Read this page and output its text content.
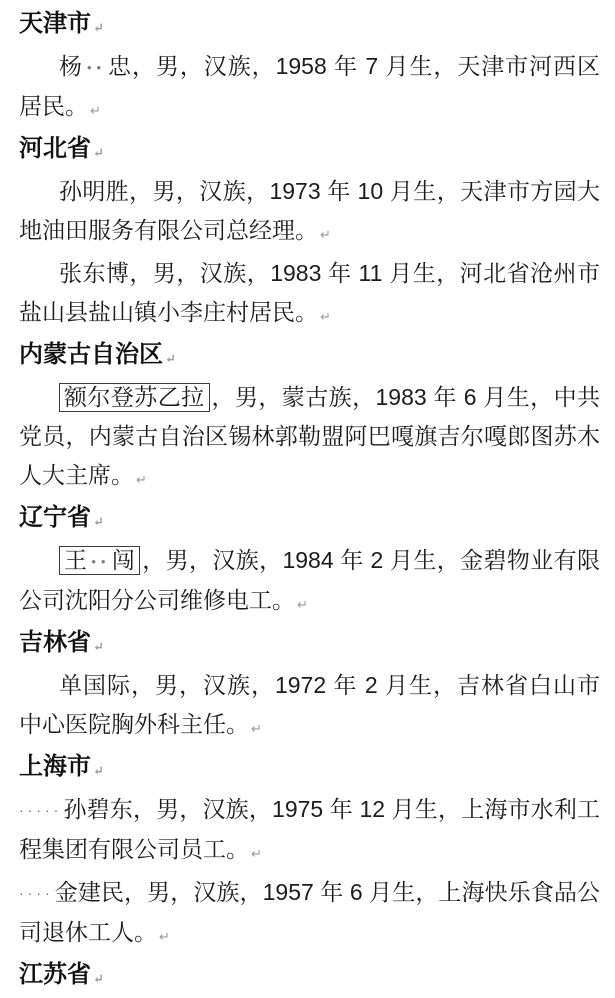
天津市 ↵

杨 ••忠，男，汉族，1958 年 7 月生，天津市河西区居民。 ↵

河北省 ↵

孙明胜，男，汉族，1973 年 10 月生，天津市方园大地油田服务有限公司总经理。 ↵

张东博，男，汉族，1983 年 11 月生，河北省沧州市盐山县盐山镇小李庄村居民。 ↵

内蒙古自治区 ↵

额尔登苏乙拉 ，男，蒙古族，1983 年 6 月生，中共党员，内蒙古自治区锡林郭勒盟阿巴嘎旗吉尔嘎郎图苏木人大主席。 ↵

辽宁省 ↵

王 ••闯 ，男，汉族，1984 年 2 月生，金碧物业有限公司沈阳分公司维修电工。 ↵

吉林省 ↵

单国际，男，汉族，1972 年 2 月生，吉林省白山市中心医院胸外科主任。 ↵

上海市 ↵

·····孙碧东，男，汉族，1975 年 12 月生，上海市水利工程集团有限公司员工。 ↵

····金建民，男，汉族，1957 年 6 月生，上海快乐食品公司退休工人。 ↵

江苏省 ↵
